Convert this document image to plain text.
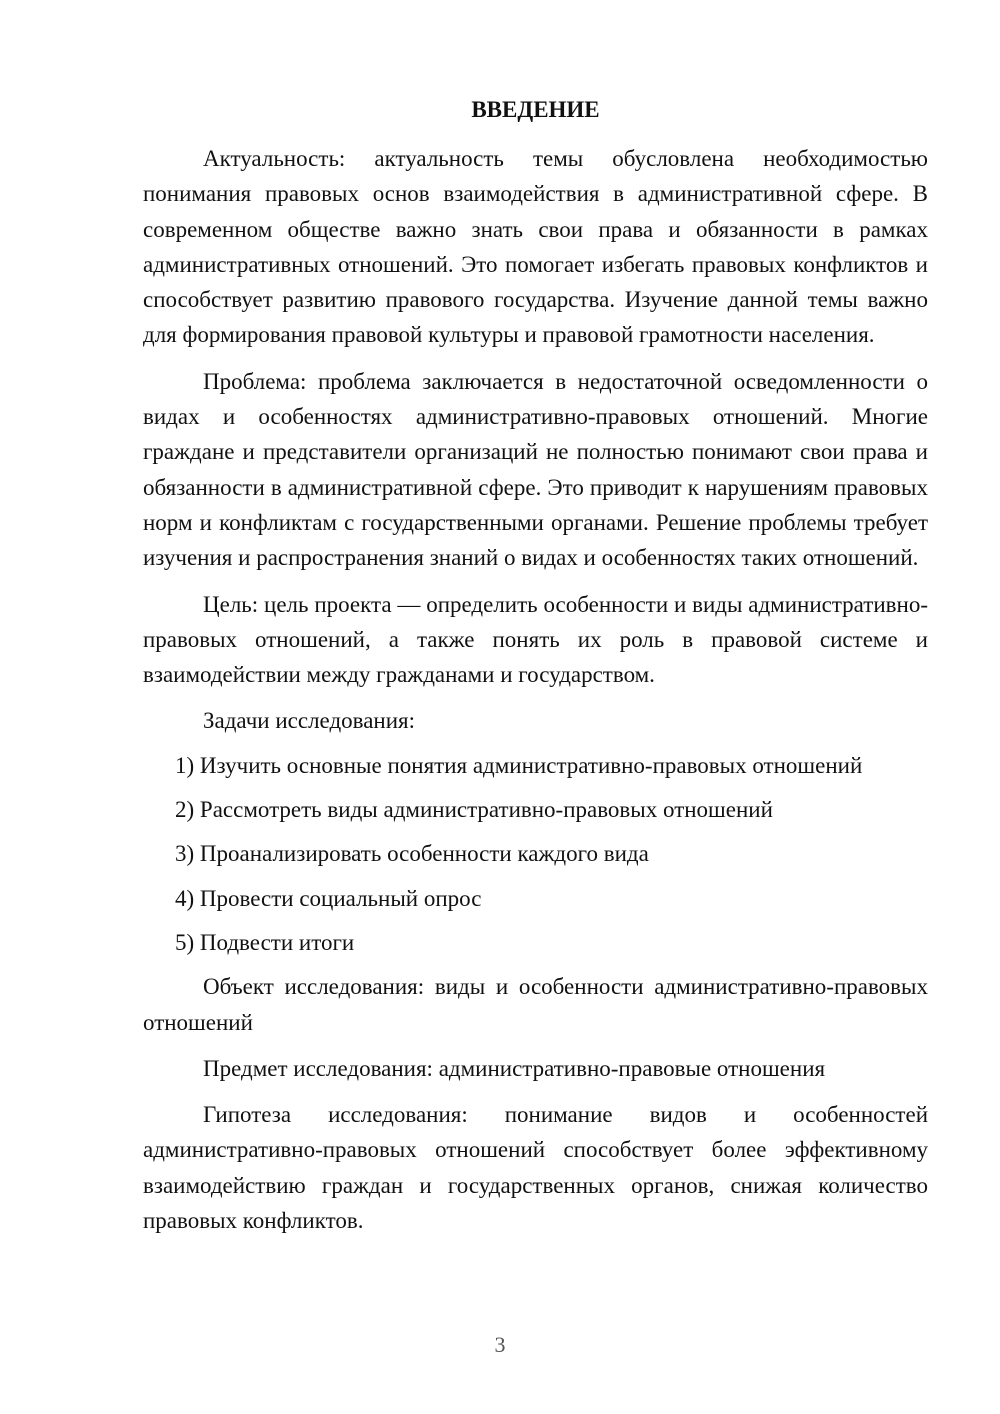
ВВЕДЕНИЕ

Актуальность: актуальность темы обусловлена необходимостью понимания правовых основ взаимодействия в административной сфере. В современном обществе важно знать свои права и обязанности в рамках административных отношений. Это помогает избегать правовых конфликтов и способствует развитию правового государства. Изучение данной темы важно для формирования правовой культуры и правовой грамотности населения.

Проблема: проблема заключается в недостаточной осведомленности о видах и особенностях административно-правовых отношений. Многие граждане и представители организаций не полностью понимают свои права и обязанности в административной сфере. Это приводит к нарушениям правовых норм и конфликтам с государственными органами. Решение проблемы требует изучения и распространения знаний о видах и особенностях таких отношений.

Цель: цель проекта — определить особенности и виды административно-правовых отношений, а также понять их роль в правовой системе и взаимодействии между гражданами и государством.

Задачи исследования:

1) Изучить основные понятия административно-правовых отношений

2) Рассмотреть виды административно-правовых отношений

3) Проанализировать особенности каждого вида

4) Провести социальный опрос

5) Подвести итоги

Объект исследования: виды и особенности административно-правовых отношений

Предмет исследования: административно-правовые отношения

Гипотеза исследования: понимание видов и особенностей административно-правовых отношений способствует более эффективному взаимодействию граждан и государственных органов, снижая количество правовых конфликтов.

3
